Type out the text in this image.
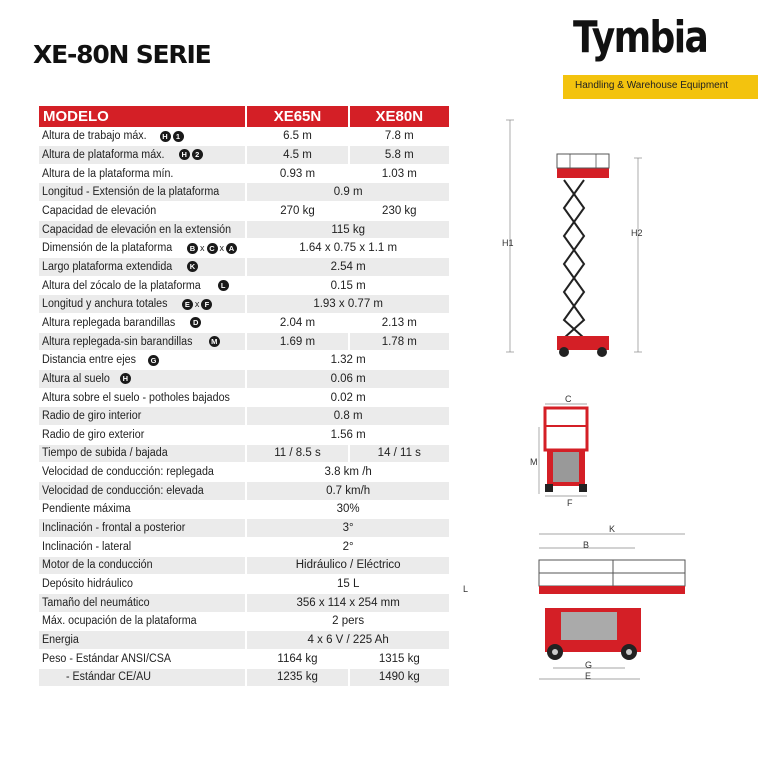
XE-80N SERIE	Tymbia
Handling & Warehouse Equipment
MODELO	XE65N	XE80N
Altura de trabajo máx. H 1	6.5 m	7.8 m
Altura de plataforma máx. H 2	4.5 m	5.8 m
Altura de la plataforma mín.	0.93 m	1.03 m
Longitud - Extensión de la plataforma	0.9 m	
Capacidad de elevación	270 kg	230 kg
Capacidad de elevación en la extensión	115 kg	
Dimensión de la plataforma B x C x A	1.64 x 0.75 x 1.1 m	
Largo plataforma extendida K	2.54 m	
Altura del zócalo de la plataforma L	0.15 m	
Longitud y anchura totales E x F	1.93 x 0.77 m	
Altura replegada barandillas D	2.04 m	2.13 m
Altura replegada-sin barandillas M	1.69 m	1.78 m
Distancia entre ejes G	1.32 m	
Altura al suelo H	0.06 m	
Altura sobre el suelo - potholes bajados	0.02 m	
Radio de giro interior	0.8 m	
Radio de giro exterior	1.56 m	
Tiempo de subida / bajada	11 / 8.5 s	14 / 11 s
Velocidad de conducción: replegada	3.8 km /h	
Velocidad de conducción: elevada	0.7 km/h	
Pendiente máxima	30%	
Inclinación - frontal a posterior	3°	
Inclinación - lateral	2°	
Motor de la conducción	Hidráulico / Eléctrico	
Depósito hidráulico	15 L	
Tamaño del neumático	356 x 114 x 254 mm	
Máx. ocupación de la plataforma	2 pers	
Energia	4 x 6 V / 225 Ah	
Peso - Estándar ANSI/CSA	1164 kg	1315 kg
- Estándar CE/AU	1235 kg	1490 kg
L
H1
H2
C
M
F
K
B
G
E
